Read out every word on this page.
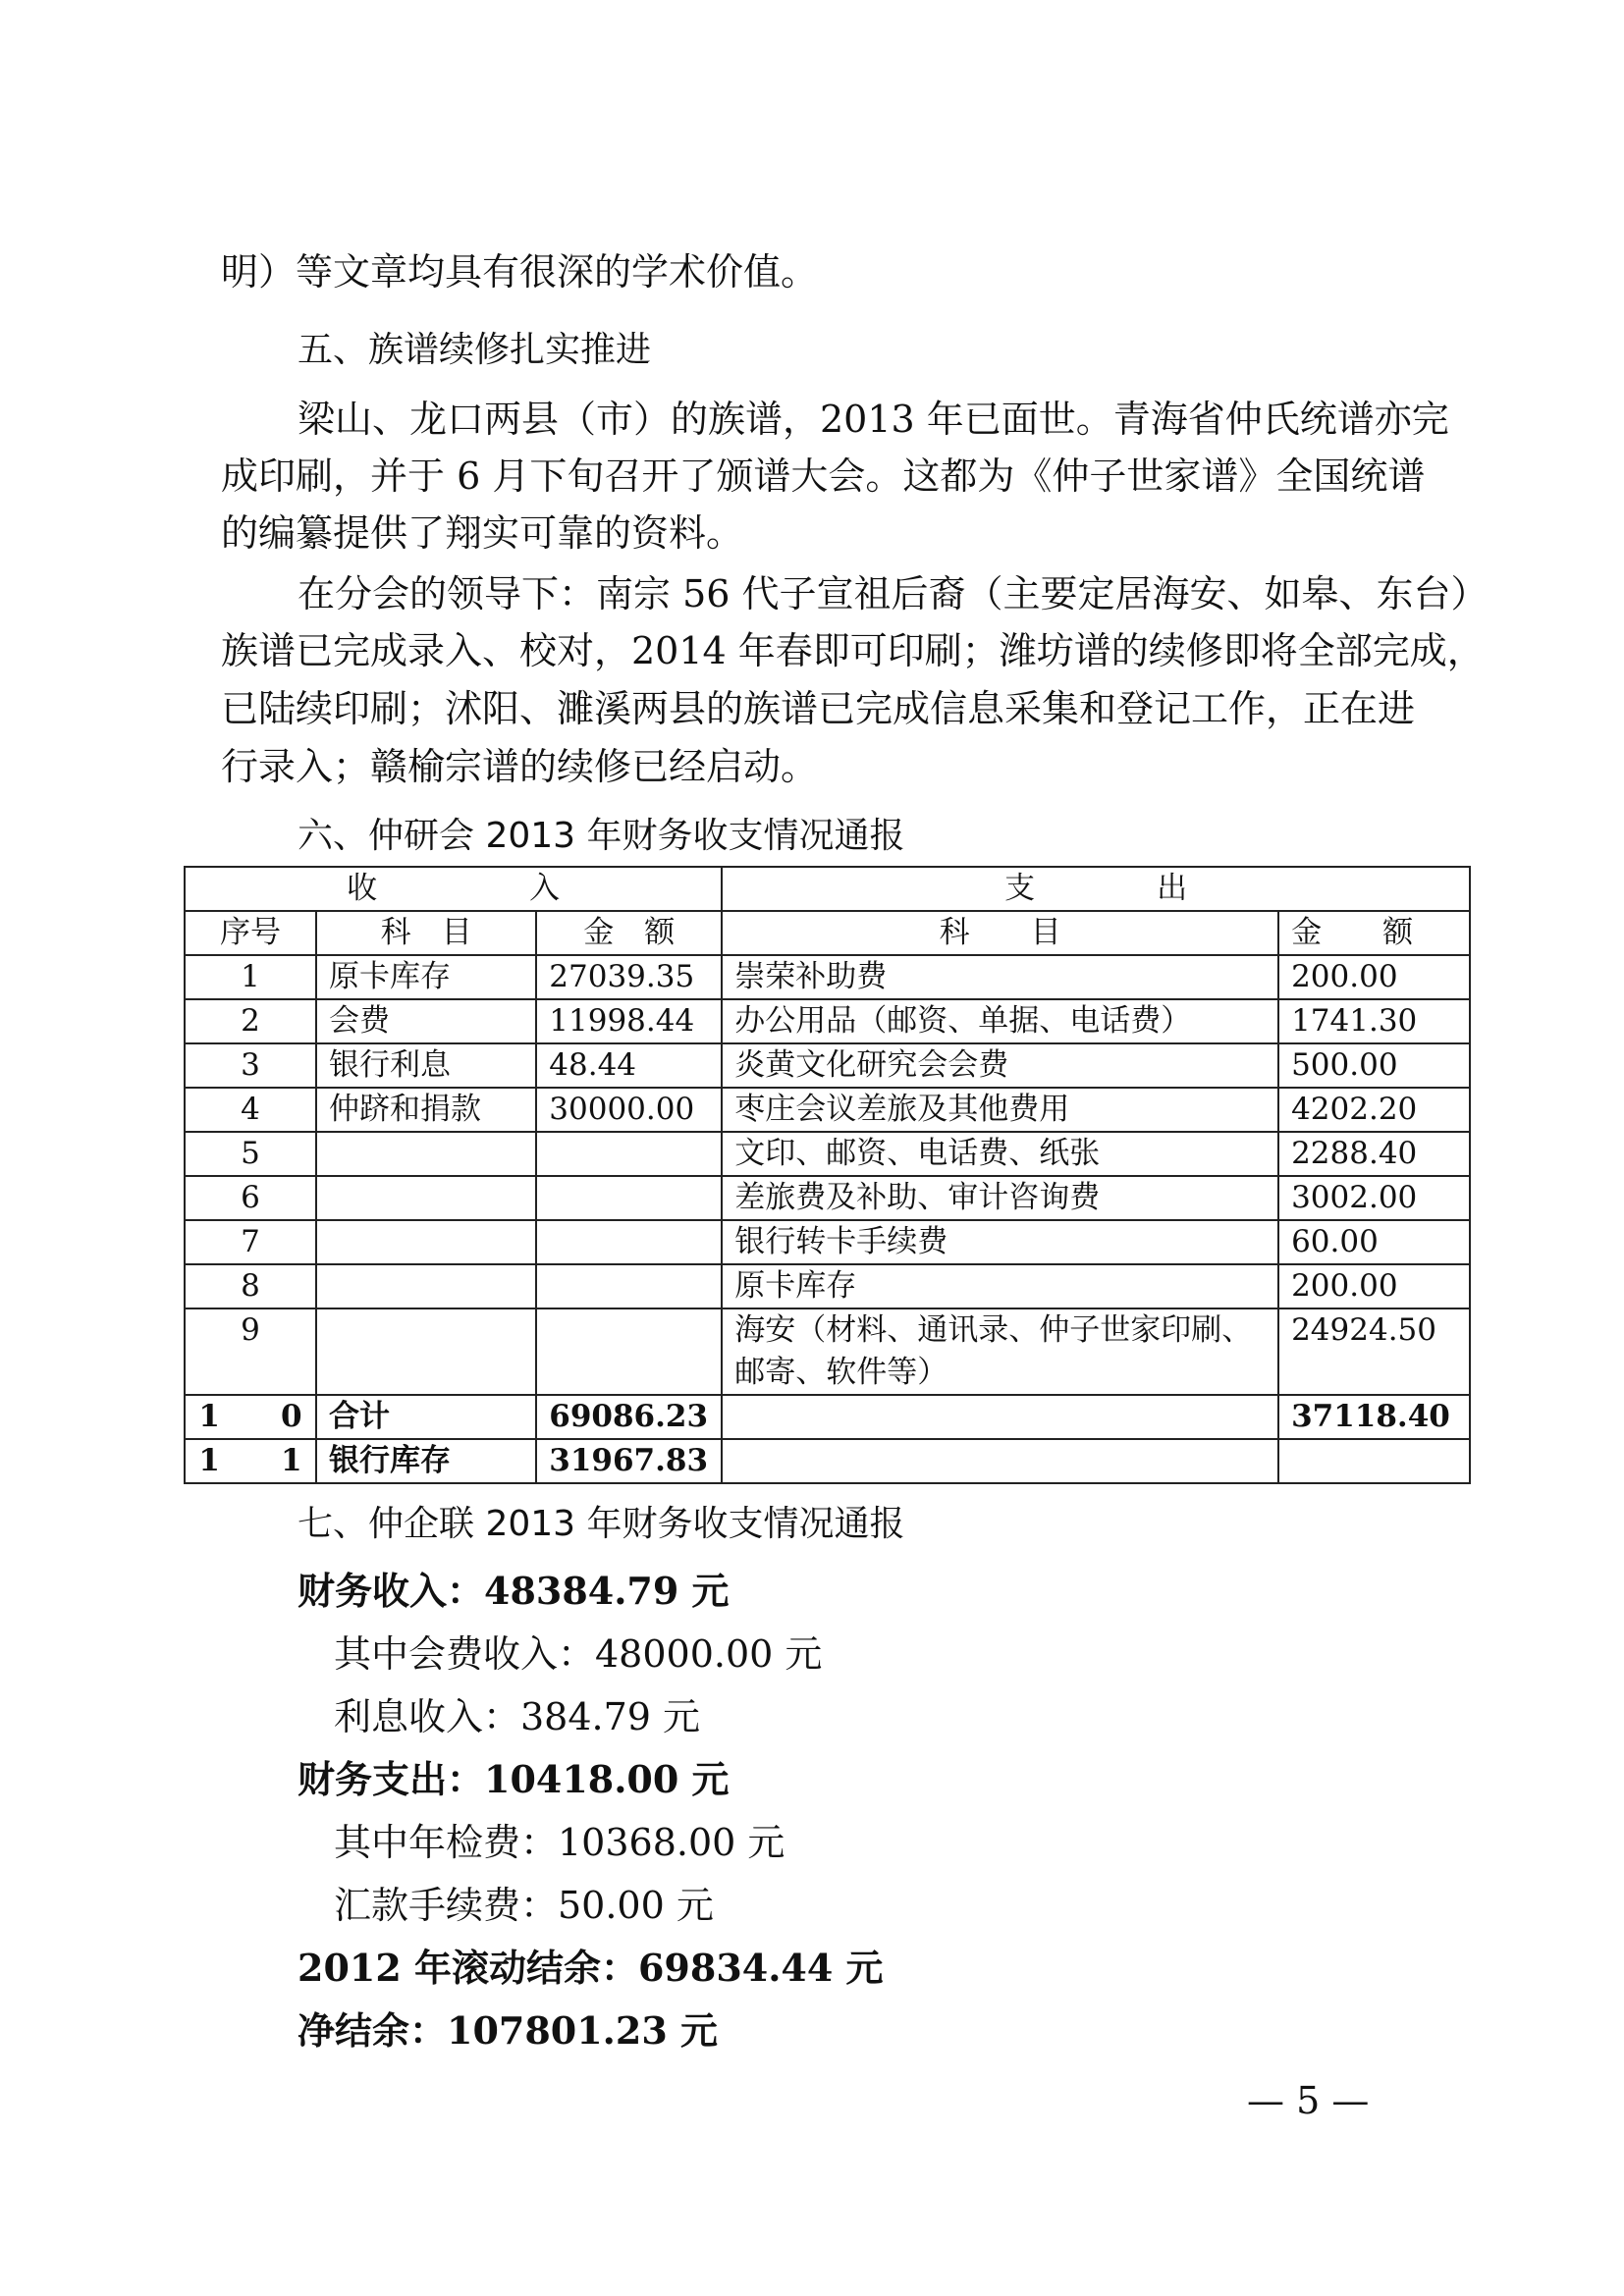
明）等文章均具有很深的学术价值。
五、族谱续修扎实推进
梁山、龙口两县（市）的族谱，2013 年已面世。青海省仲氏统谱亦完
成印刷，并于 6 月下旬召开了颁谱大会。这都为《仲子世家谱》全国统谱
的编纂提供了翔实可靠的资料。
在分会的领导下：南宗 56 代子宣祖后裔（主要定居海安、如皋、东台）
族谱已完成录入、校对，2014 年春即可印刷；潍坊谱的续修即将全部完成，
已陆续印刷；沭阳、濉溪两县的族谱已完成信息采集和登记工作，正在进
行录入；赣榆宗谱的续修已经启动。
六、仲研会 2013 年财务收支情况通报
收　　　　　入			支　　　　出	
序号	科　目	金　额	科　　目	金　　额
1	原卡库存	27039.35	崇荣补助费	200.00
2	会费	11998.44	办公用品（邮资、单据、电话费）	1741.30
3	银行利息	48.44	炎黄文化研究会会费	500.00
4	仲跻和捐款	30000.00	枣庄会议差旅及其他费用	4202.20
5			文印、邮资、电话费、纸张	2288.40
6			差旅费及补助、审计咨询费	3002.00
7			银行转卡手续费	60.00
8			原卡库存	200.00
9			海安（材料、通讯录、仲子世家印刷、邮寄、软件等）	24924.50
1　　0	合计	69086.23		37118.40
1　　1	银行库存	31967.83		
七、仲企联 2013 年财务收支情况通报
财务收入：48384.79 元
其中会费收入：48000.00 元
利息收入：384.79 元
财务支出：10418.00 元
其中年检费：10368.00 元
汇款手续费：50.00 元
2012 年滚动结余：69834.44 元
净结余：107801.23 元
— 5 —
